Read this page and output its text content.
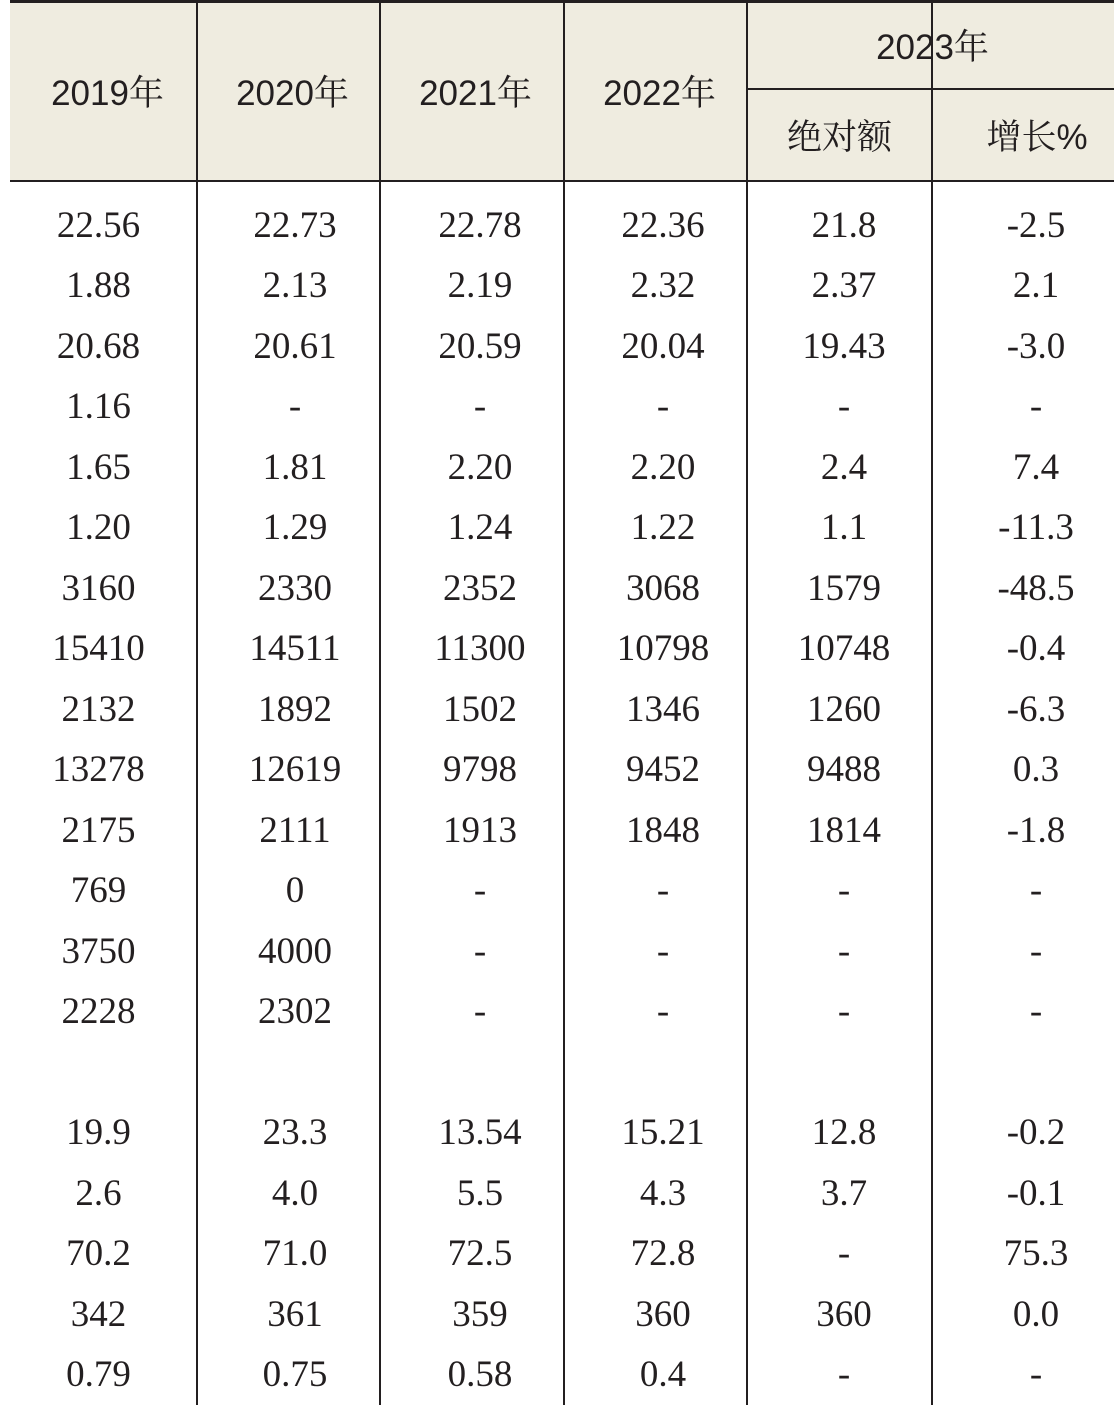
2019年	2020年	2021年	2022年
2023年
绝对额	增长%
22.56	22.73	22.78	22.36	21.8	-2.5
1.88	2.13	2.19	2.32	2.37	2.1
20.68	20.61	20.59	20.04	19.43	-3.0
1.16	-	-	-	-	-
1.65	1.81	2.20	2.20	2.4	7.4
1.20	1.29	1.24	1.22	1.1	-11.3
3160	2330	2352	3068	1579	-48.5
15410	14511	11300	10798	10748	-0.4
2132	1892	1502	1346	1260	-6.3
13278	12619	9798	9452	9488	0.3
2175	2111	1913	1848	1814	-1.8
769	0	-	-	-	-
3750	4000	-	-	-	-
2228	2302	-	-	-	-
19.9	23.3	13.54	15.21	12.8	-0.2
2.6	4.0	5.5	4.3	3.7	-0.1
70.2	71.0	72.5	72.8	-	75.3
342	361	359	360	360	0.0
0.79	0.75	0.58	0.4	-	-
